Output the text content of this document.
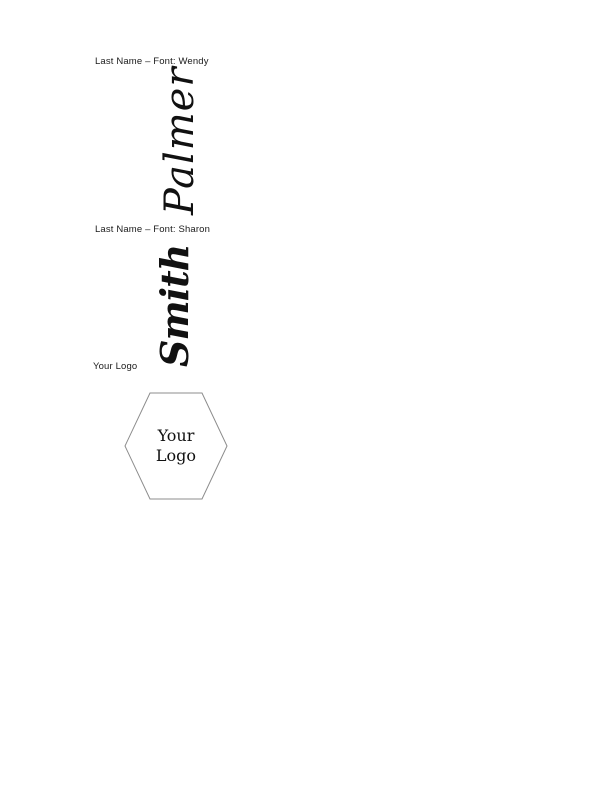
Last Name – Font: Wendy
Palmer
Last Name – Font: Sharon
Smith
Your Logo
Your
Logo
